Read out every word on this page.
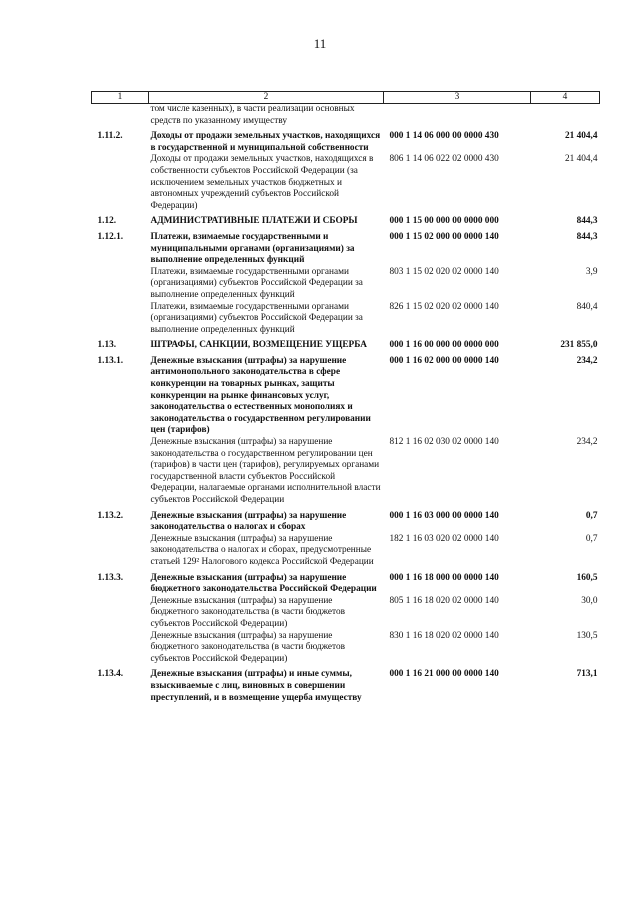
11
1	2	3	4
	том числе казенных), в части реализации основных средств по указанному имуществу		
1.11.2.	Доходы от продажи земельных участков, находящихся в государственной и муниципальной собственности	000 1 14 06 000 00 0000 430	21 404,4
	Доходы от продажи земельных участков, находящихся в собственности субъектов Российской Федерации (за исключением земельных участков бюджетных и автономных учреждений субъектов Российской Федерации)	806 1 14 06 022 02 0000 430	21 404,4
1.12.	АДМИНИСТРАТИВНЫЕ ПЛАТЕЖИ И СБОРЫ	000 1 15 00 000 00 0000 000	844,3
1.12.1.	Платежи, взимаемые государственными и муниципальными органами (организациями) за выполнение определенных функций	000 1 15 02 000 00 0000 140	844,3
	Платежи, взимаемые государственными органами (организациями) субъектов Российской Федерации за выполнение определенных функций	803 1 15 02 020 02 0000 140	3,9
	Платежи, взимаемые государственными органами (организациями) субъектов Российской Федерации за выполнение определенных функций	826 1 15 02 020 02 0000 140	840,4
1.13.	ШТРАФЫ, САНКЦИИ, ВОЗМЕЩЕНИЕ УЩЕРБА	000 1 16 00 000 00 0000 000	231 855,0
1.13.1.	Денежные взыскания (штрафы) за нарушение антимонопольного законодательства в сфере конкуренции на товарных рынках, защиты конкуренции на рынке финансовых услуг, законодательства о естественных монополиях и законодательства о государственном регулировании цен (тарифов)	000 1 16 02 000 00 0000 140	234,2
	Денежные взыскания (штрафы) за нарушение законодательства о государственном регулировании цен (тарифов) в части цен (тарифов), регулируемых органами государственной власти субъектов Российской Федерации, налагаемые органами исполнительной власти субъектов Российской Федерации	812 1 16 02 030 02 0000 140	234,2
1.13.2.	Денежные взыскания (штрафы) за нарушение законодательства о налогах и сборах	000 1 16 03 000 00 0000 140	0,7
	Денежные взыскания (штрафы) за нарушение законодательства о налогах и сборах, предусмотренные статьей 129² Налогового кодекса Российской Федерации	182 1 16 03 020 02 0000 140	0,7
1.13.3.	Денежные взыскания (штрафы) за нарушение бюджетного законодательства Российской Федерации	000 1 16 18 000 00 0000 140	160,5
	Денежные взыскания (штрафы) за нарушение бюджетного законодательства (в части бюджетов субъектов Российской Федерации)	805 1 16 18 020 02 0000 140	30,0
	Денежные взыскания (штрафы) за нарушение бюджетного законодательства (в части бюджетов субъектов Российской Федерации)	830 1 16 18 020 02 0000 140	130,5
1.13.4.	Денежные взыскания (штрафы) и иные суммы, взыскиваемые с лиц, виновных в совершении преступлений, и в возмещение ущерба имуществу	000 1 16 21 000 00 0000 140	713,1
